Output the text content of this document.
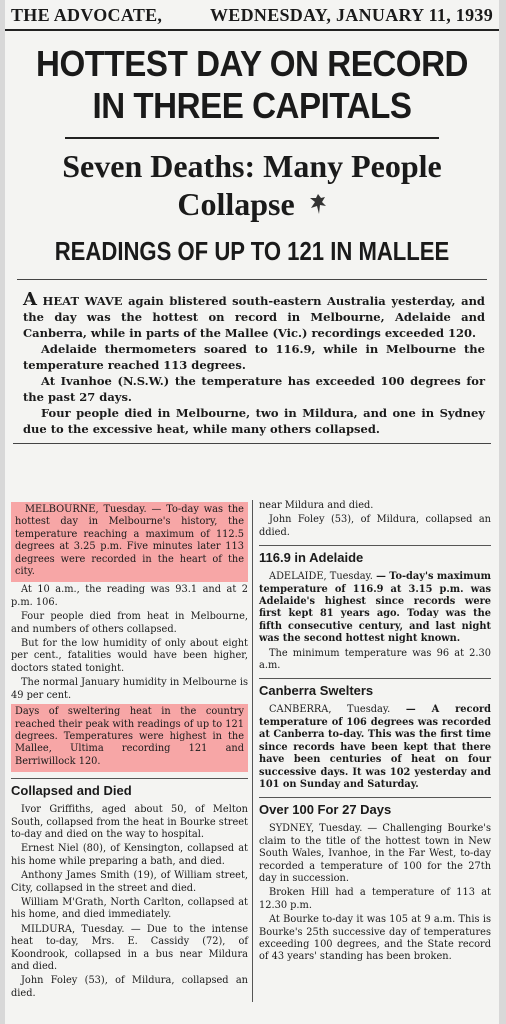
THE ADVOCATE,	WEDNESDAY, JANUARY 11, 1939
HOTTEST DAY ON RECORD
IN THREE CAPITALS
Seven Deaths: Many People
Collapse
READINGS OF UP TO 121 IN MALLEE

A HEAT WAVE again blistered south-eastern Australia yesterday, and the day was the hottest on record in Melbourne, Adelaide and Canberra, while in parts of the Mallee (Vic.) recordings exceeded 120.

Adelaide thermometers soared to 116.9, while in Melbourne the temperature reached 113 degrees.

At Ivanhoe (N.S.W.) the temperature has exceeded 100 degrees for the past 27 days.

Four people died in Melbourne, two in Mildura, and one in Sydney due to the excessive heat, while many others collapsed.

MELBOURNE, Tuesday. — To-day was the hottest day in Melbourne's history, the temperature reaching a maximum of 112.5 degrees at 3.25 p.m. Five minutes later 113 degrees were recorded in the heart of the city.

At 10 a.m., the reading was 93.1 and at 2 p.m. 106.

Four people died from heat in Melbourne, and numbers of others collapsed.

But for the low humidity of only about eight per cent., fatalities would have been higher, doctors stated tonight.

The normal January humidity in Melbourne is 49 per cent.

Days of sweltering heat in the country reached their peak with readings of up to 121 degrees. Temperatures were highest in the Mallee, Ultima recording 121 and Berriwillock 120.

Collapsed and Died

Ivor Griffiths, aged about 50, of Melton South, collapsed from the heat in Bourke street to-day and died on the way to hospital.

Ernest Niel (80), of Kensington, collapsed at his home while preparing a bath, and died.

Anthony James Smith (19), of William street, City, collapsed in the street and died.

William M'Grath, North Carlton, collapsed at his home, and died immediately.

MILDURA, Tuesday. — Due to the intense heat to-day, Mrs. E. Cassidy (72), of Koondrook, collapsed in a bus near Mildura and died.

John Foley (53), of Mildura, collapsed an died.

near Mildura and died.

John Foley (53), of Mildura, collapsed an ddied.

116.9 in Adelaide

ADELAIDE, Tuesday. — To-day's maximum temperature of 116.9 at 3.15 p.m. was Adelaide's highest since records were first kept 81 years ago. Today was the fifth consecutive century, and last night was the second hottest night known.

The minimum temperature was 96 at 2.30 a.m.

Canberra Swelters

CANBERRA, Tuesday. — A record temperature of 106 degrees was recorded at Canberra to-day. This was the first time since records have been kept that there have been centuries of heat on four successive days. It was 102 yesterday and 101 on Sunday and Saturday.

Over 100 For 27 Days

SYDNEY, Tuesday. — Challenging Bourke's claim to the title of the hottest town in New South Wales, Ivanhoe, in the Far West, to-day recorded a temperature of 100 for the 27th day in succession.

Broken Hill had a temperature of 113 at 12.30 p.m.

At Bourke to-day it was 105 at 9 a.m. This is Bourke's 25th successive day of temperatures exceeding 100 degrees, and the State record of 43 years' standing has been broken.
